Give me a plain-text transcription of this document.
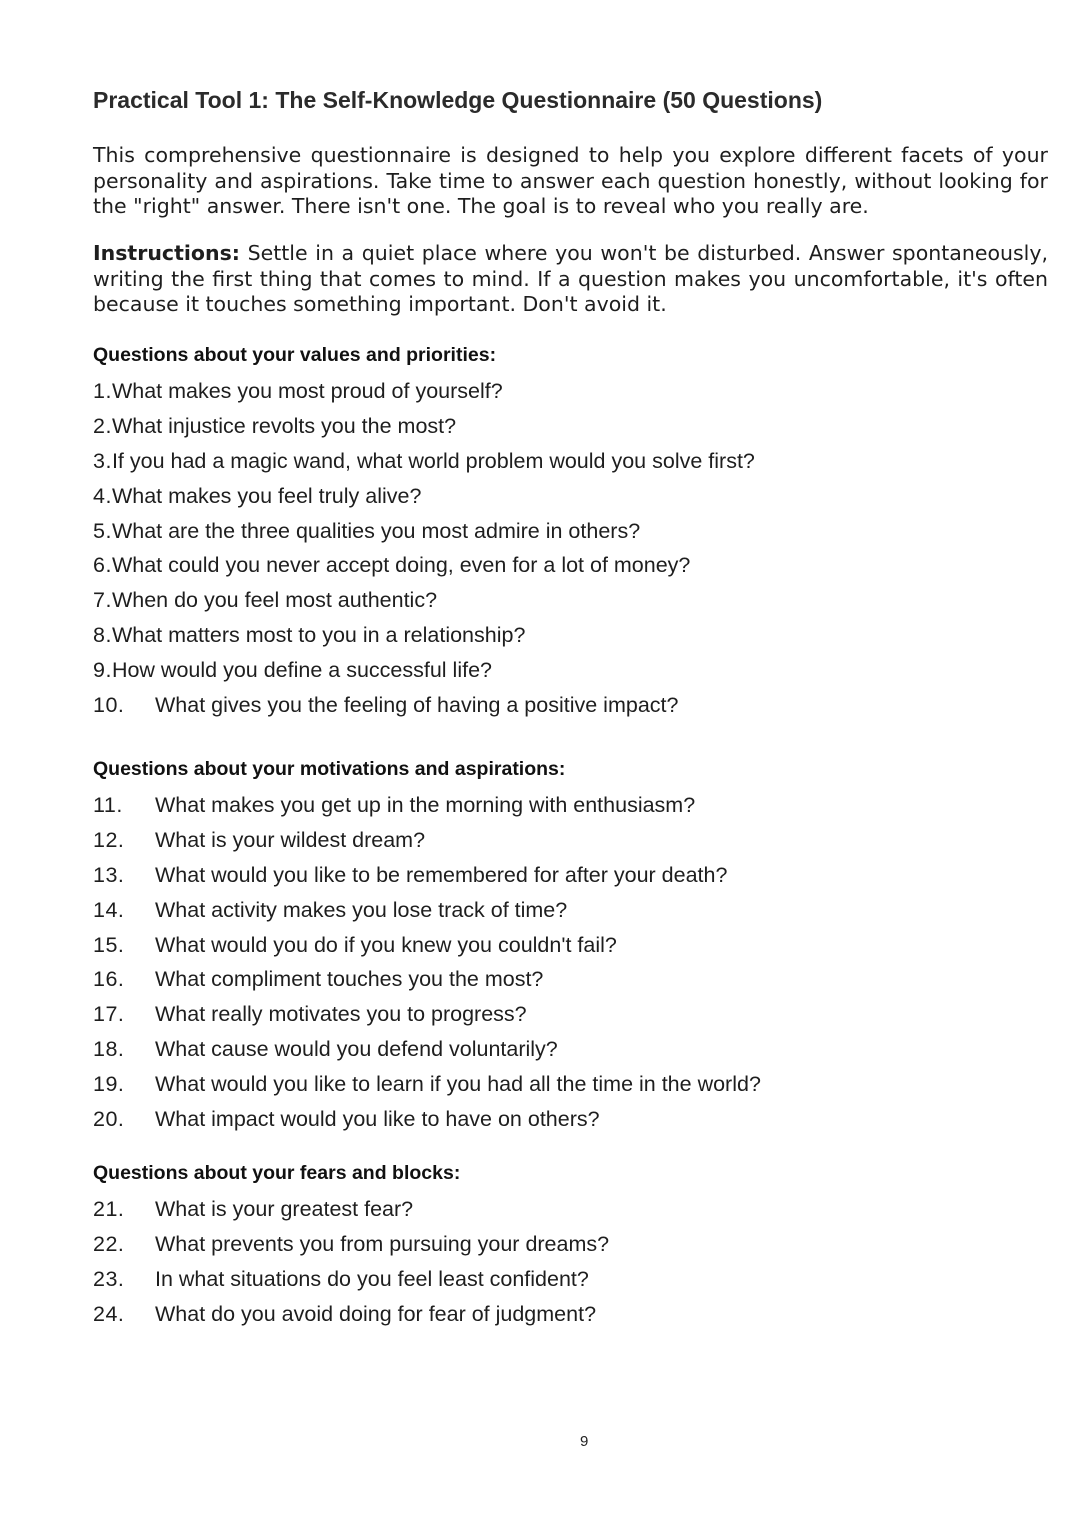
Practical Tool 1: The Self-Knowledge Questionnaire (50 Questions)

This comprehensive questionnaire is designed to help you explore different facets of your personality and aspirations. Take time to answer each question honestly, without looking for the "right" answer. There isn't one. The goal is to reveal who you really are.

Instructions: Settle in a quiet place where you won't be disturbed. Answer spontaneously, writing the first thing that comes to mind. If a question makes you uncomfortable, it's often because it touches something important. Don't avoid it.

Questions about your values and priorities:
1.What makes you most proud of yourself?
2.What injustice revolts you the most?
3.If you had a magic wand, what world problem would you solve first?
4.What makes you feel truly alive?
5.What are the three qualities you most admire in others?
6.What could you never accept doing, even for a lot of money?
7.When do you feel most authentic?
8.What matters most to you in a relationship?
9.How would you define a successful life?
10. What gives you the feeling of having a positive impact?
Questions about your motivations and aspirations:
11. What makes you get up in the morning with enthusiasm?
12. What is your wildest dream?
13. What would you like to be remembered for after your death?
14. What activity makes you lose track of time?
15. What would you do if you knew you couldn't fail?
16. What compliment touches you the most?
17. What really motivates you to progress?
18. What cause would you defend voluntarily?
19. What would you like to learn if you had all the time in the world?
20. What impact would you like to have on others?
Questions about your fears and blocks:
21. What is your greatest fear?
22. What prevents you from pursuing your dreams?
23. In what situations do you feel least confident?
24. What do you avoid doing for fear of judgment?

9
